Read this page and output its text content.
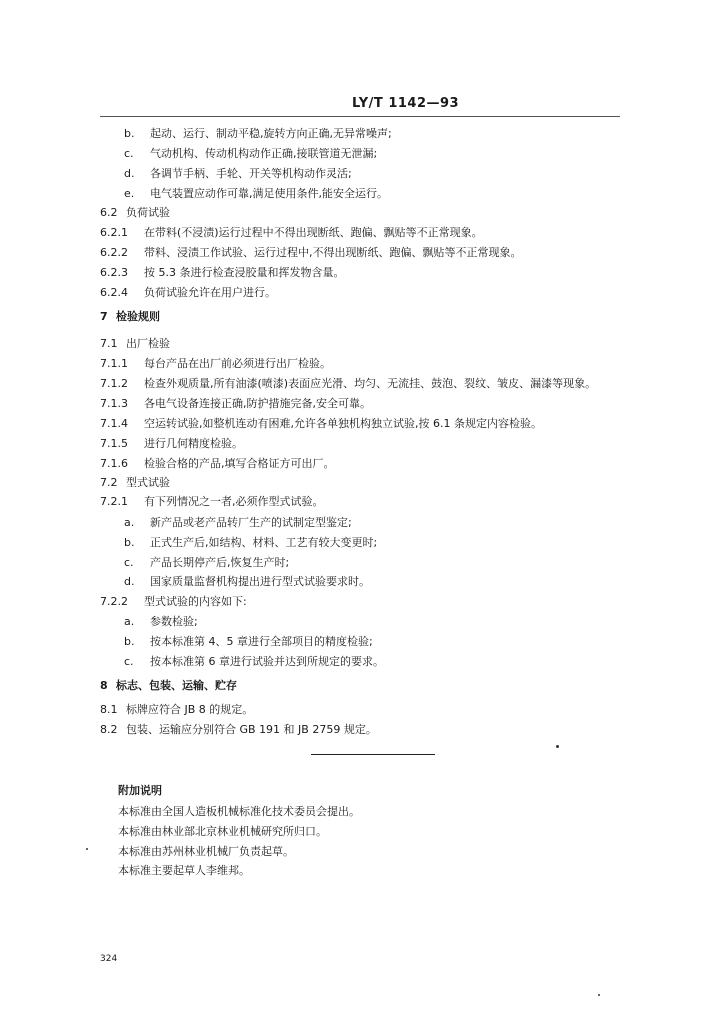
LY/T 1142—93
b. 起动、运行、制动平稳,旋转方向正确,无异常噪声;
c. 气动机构、传动机构动作正确,接联管道无泄漏;
d. 各调节手柄、手轮、开关等机构动作灵活;
e. 电气装置应动作可靠,满足使用条件,能安全运行。
6.2 负荷试验
6.2.1 在带料(不浸渍)运行过程中不得出现断纸、跑偏、飘贴等不正常现象。
6.2.2 带料、浸渍工作试验、运行过程中,不得出现断纸、跑偏、飘贴等不正常现象。
6.2.3 按 5.3 条进行检查浸胶量和挥发物含量。
6.2.4 负荷试验允许在用户进行。
7 检验规则
7.1 出厂检验
7.1.1 每台产品在出厂前必须进行出厂检验。
7.1.2 检查外观质量,所有油漆(喷漆)表面应光滑、均匀、无流挂、鼓泡、裂纹、皱皮、漏漆等现象。
7.1.3 各电气设备连接正确,防护措施完备,安全可靠。
7.1.4 空运转试验,如整机连动有困难,允许各单独机构独立试验,按 6.1 条规定内容检验。
7.1.5 进行几何精度检验。
7.1.6 检验合格的产品,填写合格证方可出厂。
7.2 型式试验
7.2.1 有下列情况之一者,必须作型式试验。
a. 新产品或老产品转厂生产的试制定型鉴定;
b. 正式生产后,如结构、材料、工艺有较大变更时;
c. 产品长期停产后,恢复生产时;
d. 国家质量监督机构提出进行型式试验要求时。
7.2.2 型式试验的内容如下:
a. 参数检验;
b. 按本标准第 4、5 章进行全部项目的精度检验;
c. 按本标准第 6 章进行试验并达到所规定的要求。
8 标志、包装、运输、贮存
8.1 标牌应符合 JB 8 的规定。
8.2 包装、运输应分别符合 GB 191 和 JB 2759 规定。
附加说明
本标准由全国人造板机械标准化技术委员会提出。
本标准由林业部北京林业机械研究所归口。
本标准由苏州林业机械厂负责起草。
本标准主要起草人李维邦。
324
